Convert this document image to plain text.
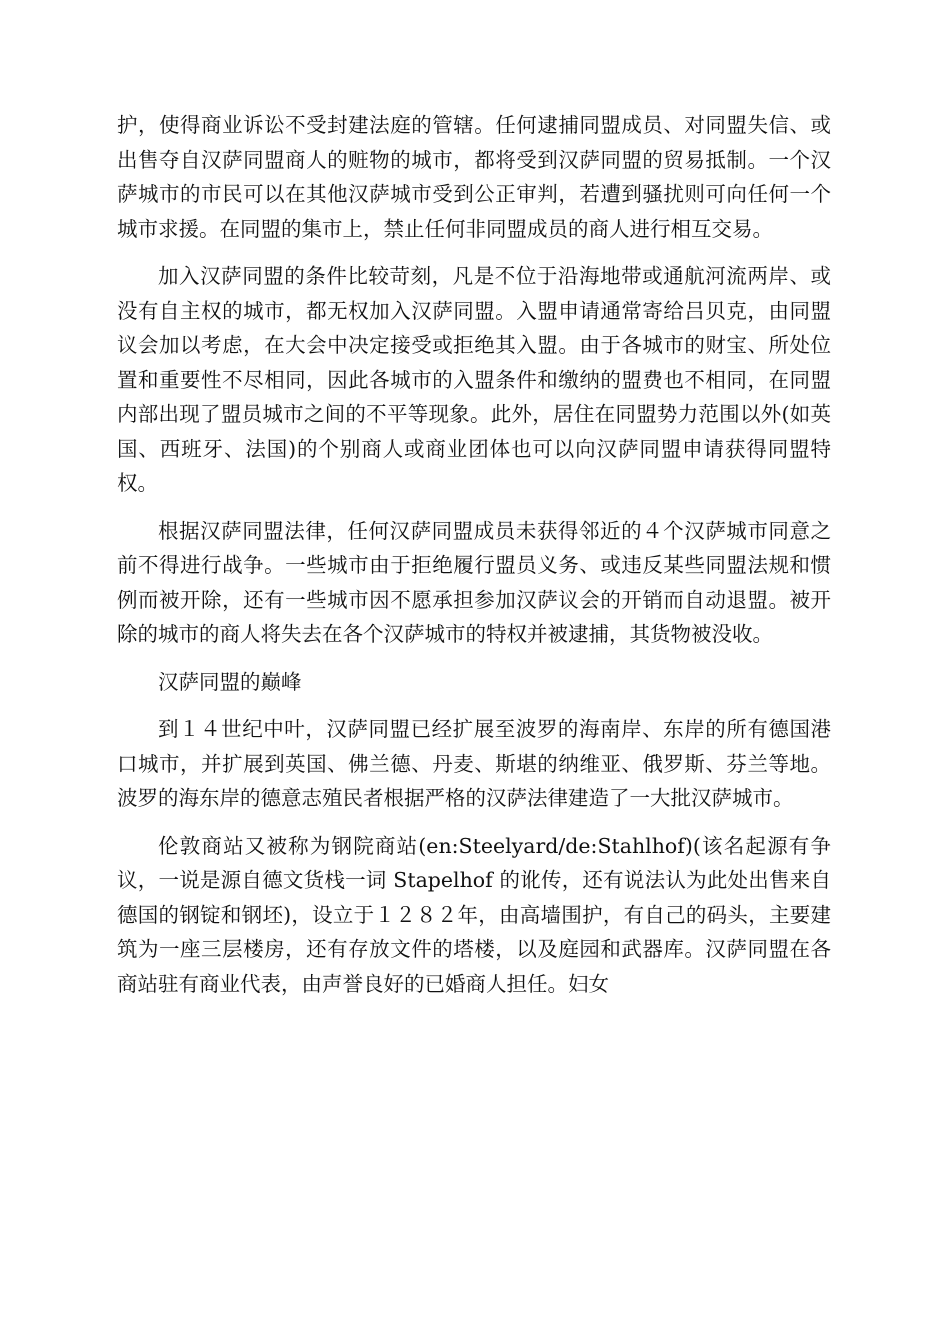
护，使得商业诉讼不受封建法庭的管辖。任何逮捕同盟成员、对同盟失信、或出售夺自汉萨同盟商人的赃物的城市，都将受到汉萨同盟的贸易抵制。一个汉萨城市的市民可以在其他汉萨城市受到公正审判，若遭到骚扰则可向任何一个城市求援。在同盟的集市上，禁止任何非同盟成员的商人进行相互交易。

加入汉萨同盟的条件比较苛刻，凡是不位于沿海地带或通航河流两岸、或没有自主权的城市，都无权加入汉萨同盟。入盟申请通常寄给吕贝克，由同盟议会加以考虑，在大会中决定接受或拒绝其入盟。由于各城市的财宝、所处位置和重要性不尽相同，因此各城市的入盟条件和缴纳的盟费也不相同，在同盟内部出现了盟员城市之间的不平等现象。此外，居住在同盟势力范围以外(如英国、西班牙、法国)的个别商人或商业团体也可以向汉萨同盟申请获得同盟特权。

根据汉萨同盟法律，任何汉萨同盟成员未获得邻近的４个汉萨城市同意之前不得进行战争。一些城市由于拒绝履行盟员义务、或违反某些同盟法规和惯例而被开除，还有一些城市因不愿承担参加汉萨议会的开销而自动退盟。被开除的城市的商人将失去在各个汉萨城市的特权并被逮捕，其货物被没收。

汉萨同盟的巅峰

到１４世纪中叶，汉萨同盟已经扩展至波罗的海南岸、东岸的所有德国港口城市，并扩展到英国、佛兰德、丹麦、斯堪的纳维亚、俄罗斯、芬兰等地。波罗的海东岸的德意志殖民者根据严格的汉萨法律建造了一大批汉萨城市。

伦敦商站又被称为钢院商站(en:Steelyard/de:Stahlhof)(该名起源有争议，一说是源自德文货栈一词 Stapelhof 的讹传，还有说法认为此处出售来自德国的钢锭和钢坯)，设立于１２８２年，由高墙围护，有自己的码头，主要建筑为一座三层楼房，还有存放文件的塔楼，以及庭园和武器库。汉萨同盟在各商站驻有商业代表，由声誉良好的已婚商人担任。妇女
